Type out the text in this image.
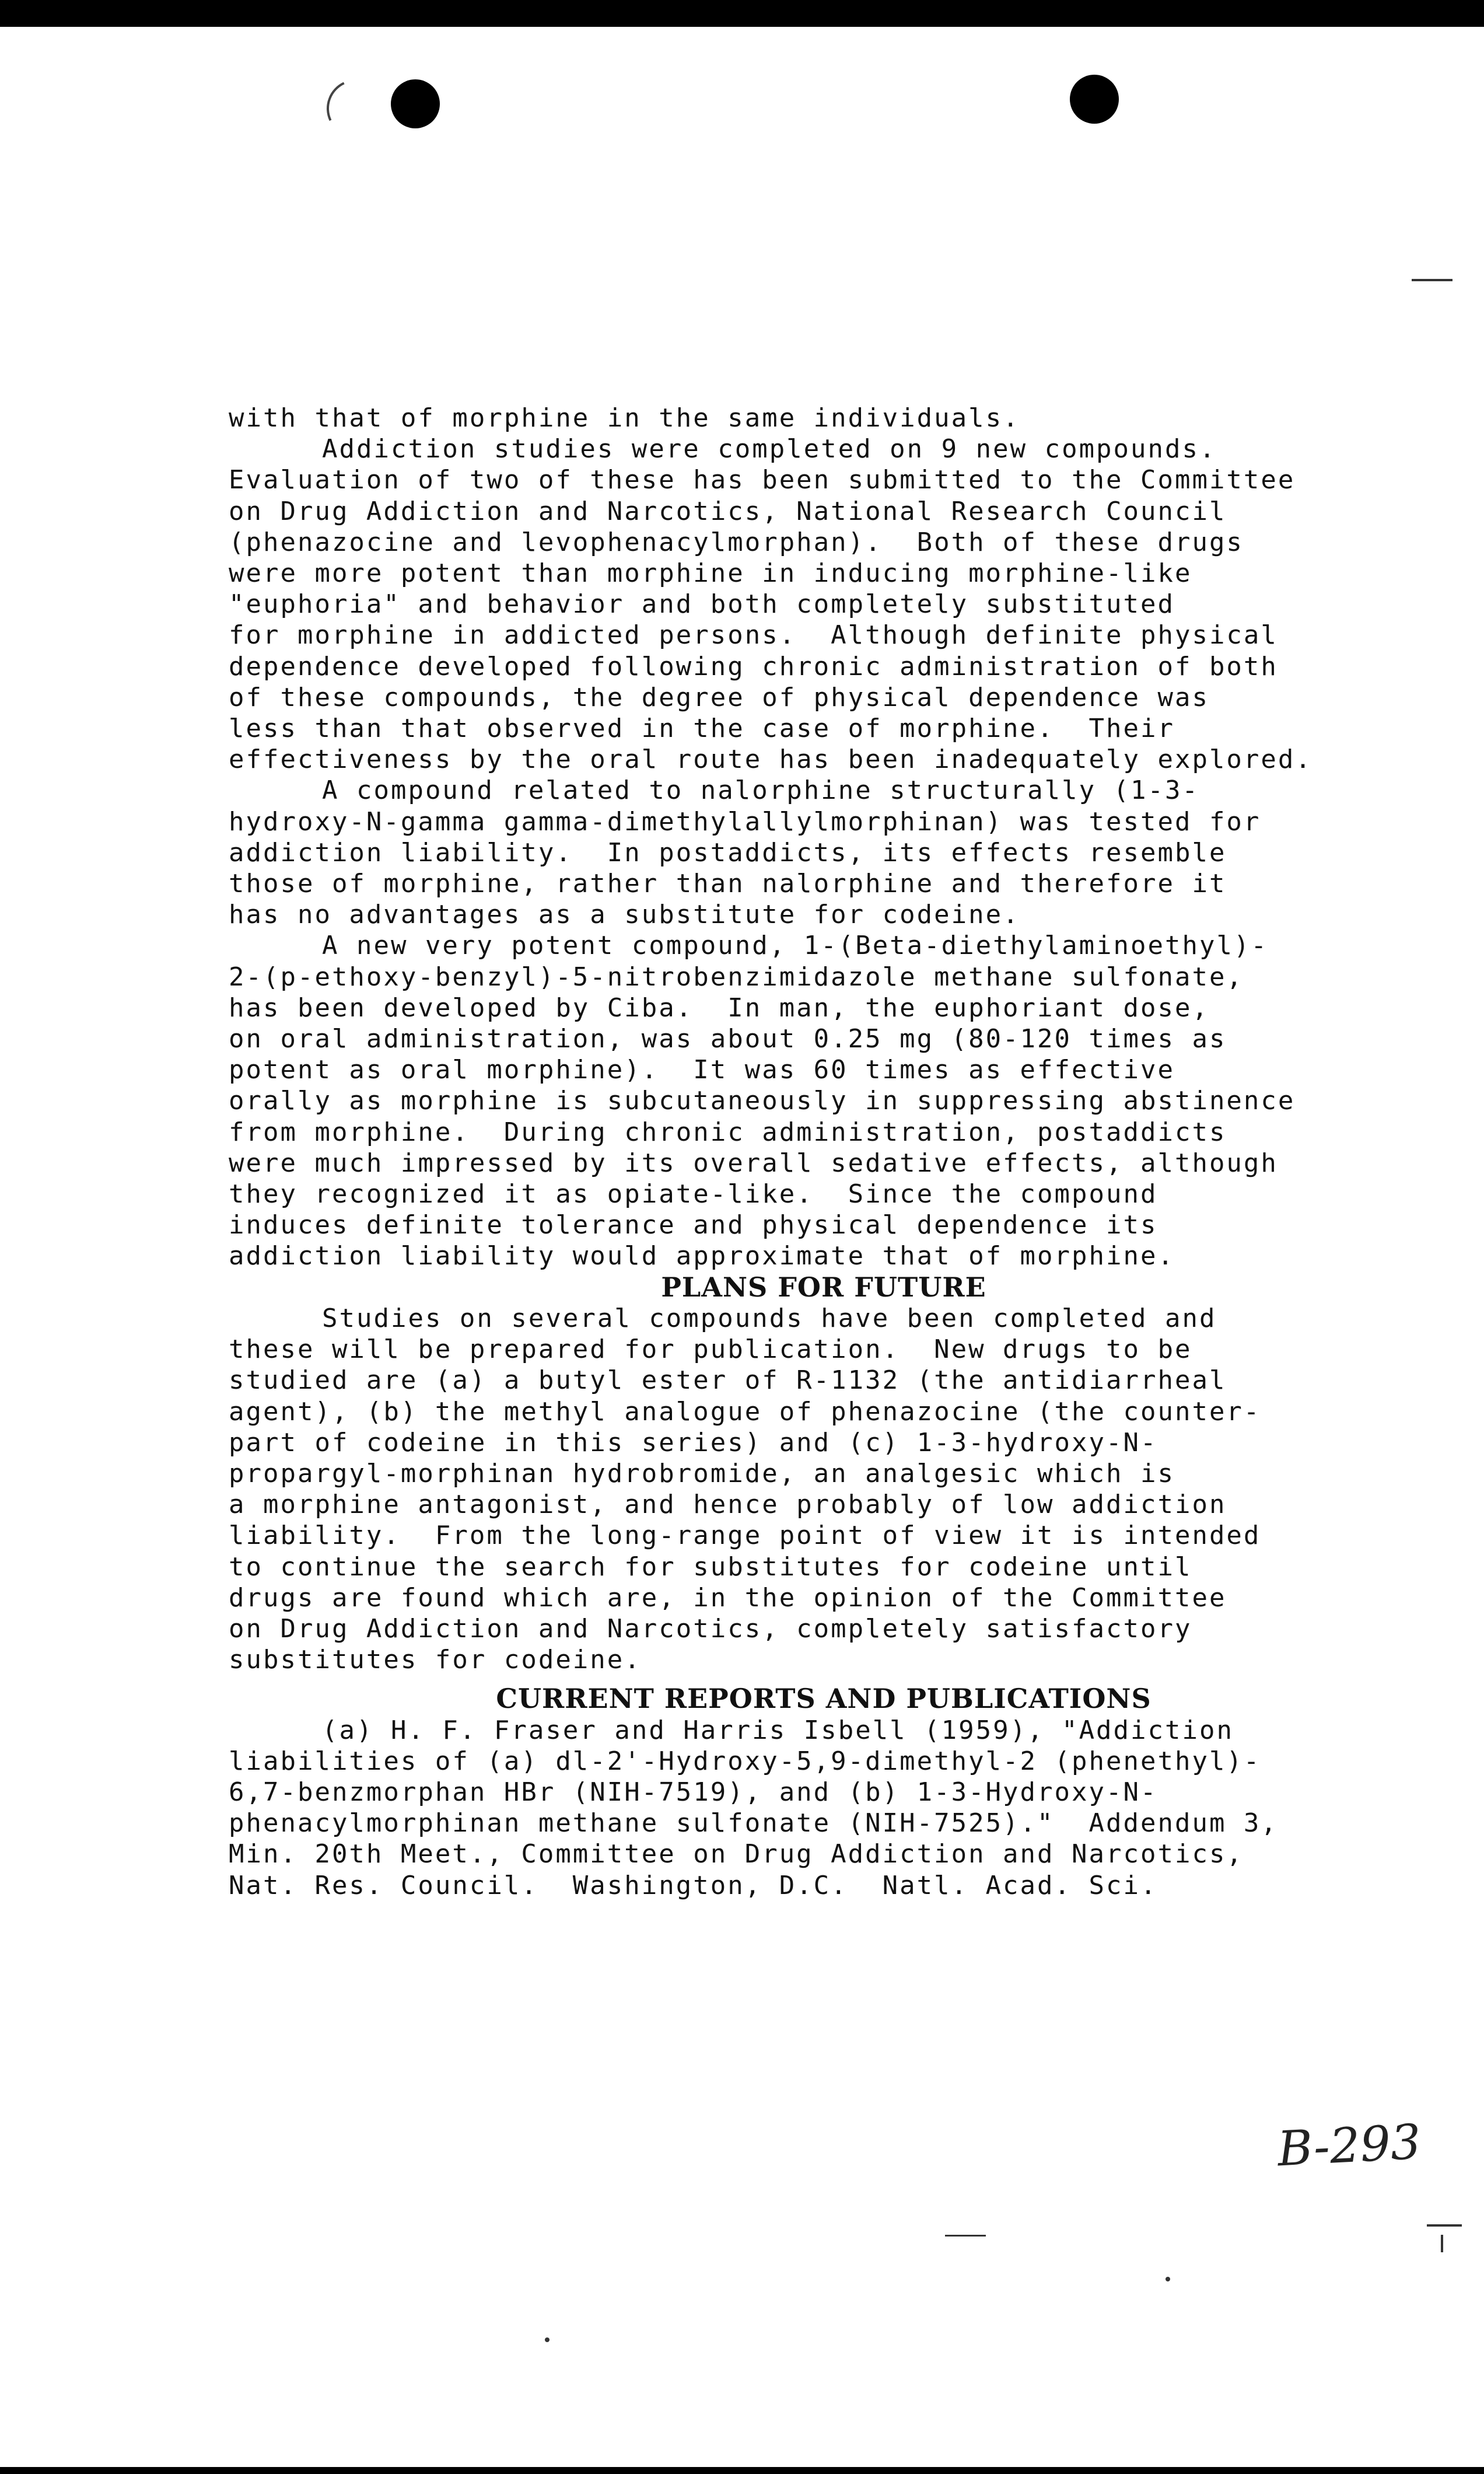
with that of morphine in the same individuals.
Addiction studies were completed on 9 new compounds.
Evaluation of two of these has been submitted to the Committee
on Drug Addiction and Narcotics, National Research Council
(phenazocine and levophenacylmorphan).  Both of these drugs
were more potent than morphine in inducing morphine-like
"euphoria" and behavior and both completely substituted
for morphine in addicted persons.  Although definite physical
dependence developed following chronic administration of both
of these compounds, the degree of physical dependence was
less than that observed in the case of morphine.  Their
effectiveness by the oral route has been inadequately explored.
A compound related to nalorphine structurally (1-3-
hydroxy-N-gamma gamma-dimethylallylmorphinan) was tested for
addiction liability.  In postaddicts, its effects resemble
those of morphine, rather than nalorphine and therefore it
has no advantages as a substitute for codeine.
A new very potent compound, 1-(Beta-diethylaminoethyl)-
2-(p-ethoxy-benzyl)-5-nitrobenzimidazole methane sulfonate,
has been developed by Ciba.  In man, the euphoriant dose,
on oral administration, was about 0.25 mg (80-120 times as
potent as oral morphine).  It was 60 times as effective
orally as morphine is subcutaneously in suppressing abstinence
from morphine.  During chronic administration, postaddicts
were much impressed by its overall sedative effects, although
they recognized it as opiate-like.  Since the compound
induces definite tolerance and physical dependence its
addiction liability would approximate that of morphine.
PLANS FOR FUTURE
Studies on several compounds have been completed and
these will be prepared for publication.  New drugs to be
studied are (a) a butyl ester of R-1132 (the antidiarrheal
agent), (b) the methyl analogue of phenazocine (the counter-
part of codeine in this series) and (c) 1-3-hydroxy-N-
propargyl-morphinan hydrobromide, an analgesic which is
a morphine antagonist, and hence probably of low addiction
liability.  From the long-range point of view it is intended
to continue the search for substitutes for codeine until
drugs are found which are, in the opinion of the Committee
on Drug Addiction and Narcotics, completely satisfactory
substitutes for codeine.
CURRENT REPORTS AND PUBLICATIONS
(a) H. F. Fraser and Harris Isbell (1959), "Addiction
liabilities of (a) dl-2'-Hydroxy-5,9-dimethyl-2 (phenethyl)-
6,7-benzmorphan HBr (NIH-7519), and (b) 1-3-Hydroxy-N-
phenacylmorphinan methane sulfonate (NIH-7525)."  Addendum 3,
Min. 20th Meet., Committee on Drug Addiction and Narcotics,
Nat. Res. Council.  Washington, D.C.  Natl. Acad. Sci.
B-293
